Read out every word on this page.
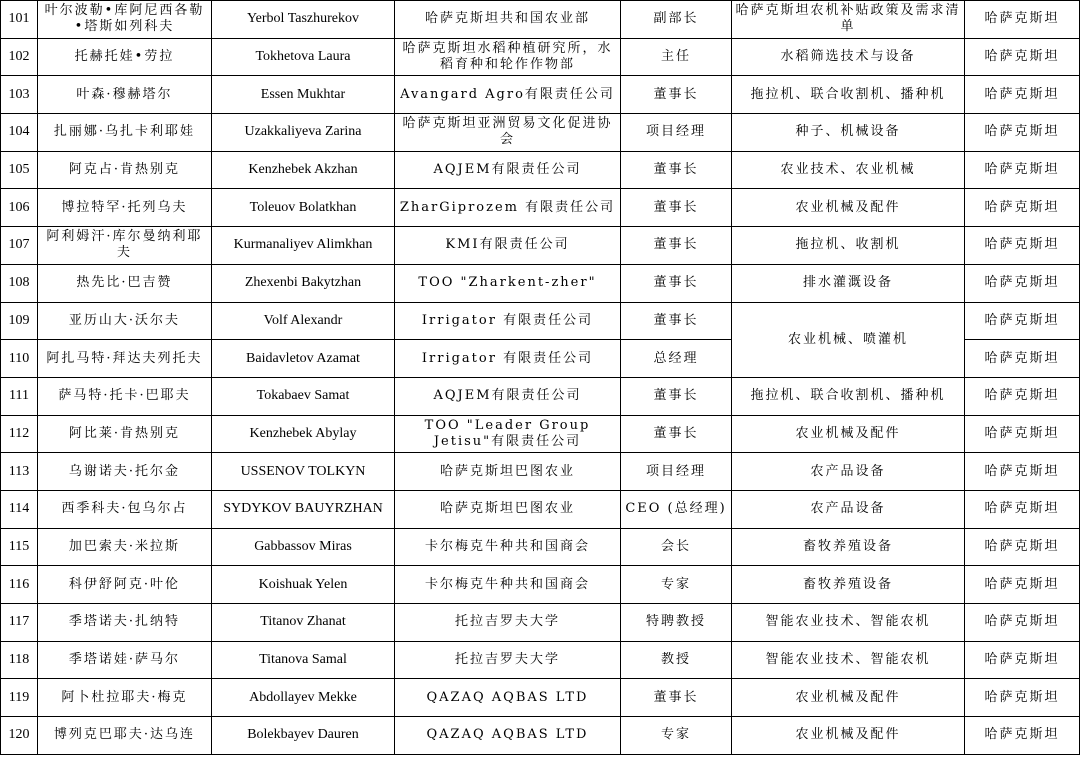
101	叶尔波勒•库阿尼西各勒•塔斯如列科夫	Yerbol Taszhurekov	哈萨克斯坦共和国农业部	副部长	哈萨克斯坦农机补贴政策及需求清单	哈萨克斯坦
102	托赫托娃•劳拉	Tokhetova Laura	哈萨克斯坦水稻种植研究所，水稻育种和轮作作物部	主任	水稻筛选技术与设备	哈萨克斯坦
103	叶森·穆赫塔尔	Essen Mukhtar	Avangard Agro有限责任公司	董事长	拖拉机、联合收割机、播种机	哈萨克斯坦
104	扎丽娜·乌扎卡利耶娃	Uzakkaliyeva Zarina	哈萨克斯坦亚洲贸易文化促进协会	项目经理	种子、机械设备	哈萨克斯坦
105	阿克占·肯热别克	Kenzhebek Akzhan	AQJEM有限责任公司	董事长	农业技术、农业机械	哈萨克斯坦
106	博拉特罕·托列乌夫	Toleuov Bolatkhan	ZharGiprozem 有限责任公司	董事长	农业机械及配件	哈萨克斯坦
107	阿利姆汗·库尔曼纳利耶夫	Kurmanaliyev Alimkhan	KMI有限责任公司	董事长	拖拉机、收割机	哈萨克斯坦
108	热先比·巴吉赞	Zhexenbi Bakytzhan	TOO "Zharkent-zher"	董事长	排水灌溉设备	哈萨克斯坦
109	亚历山大·沃尔夫	Volf Alexandr	Irrigator 有限责任公司	董事长	农业机械、喷灌机	哈萨克斯坦
110	阿扎马特·拜达夫列托夫	Baidavletov Azamat	Irrigator 有限责任公司	总经理		哈萨克斯坦
111	萨马特·托卡·巴耶夫	Tokabaev Samat	AQJEM有限责任公司	董事长	拖拉机、联合收割机、播种机	哈萨克斯坦
112	阿比莱·肯热别克	Kenzhebek Abylay	TOO "Leader Group Jetisu"有限责任公司	董事长	农业机械及配件	哈萨克斯坦
113	乌谢诺夫·托尔金	USSENOV TOLKYN	哈萨克斯坦巴图农业	项目经理	农产品设备	哈萨克斯坦
114	西季科夫·包乌尔占	SYDYKOV BAUYRZHAN	哈萨克斯坦巴图农业	CEO (总经理)	农产品设备	哈萨克斯坦
115	加巴索夫·米拉斯	Gabbassov Miras	卡尔梅克牛种共和国商会	会长	畜牧养殖设备	哈萨克斯坦
116	科伊舒阿克·叶伦	Koishuak Yelen	卡尔梅克牛种共和国商会	专家	畜牧养殖设备	哈萨克斯坦
117	季塔诺夫·扎纳特	Titanov Zhanat	托拉吉罗夫大学	特聘教授	智能农业技术、智能农机	哈萨克斯坦
118	季塔诺娃·萨马尔	Titanova Samal	托拉吉罗夫大学	教授	智能农业技术、智能农机	哈萨克斯坦
119	阿卜杜拉耶夫·梅克	Abdollayev Mekke	QAZAQ AQBAS LTD	董事长	农业机械及配件	哈萨克斯坦
120	博列克巴耶夫·达乌连	Bolekbayev Dauren	QAZAQ AQBAS LTD	专家	农业机械及配件	哈萨克斯坦
